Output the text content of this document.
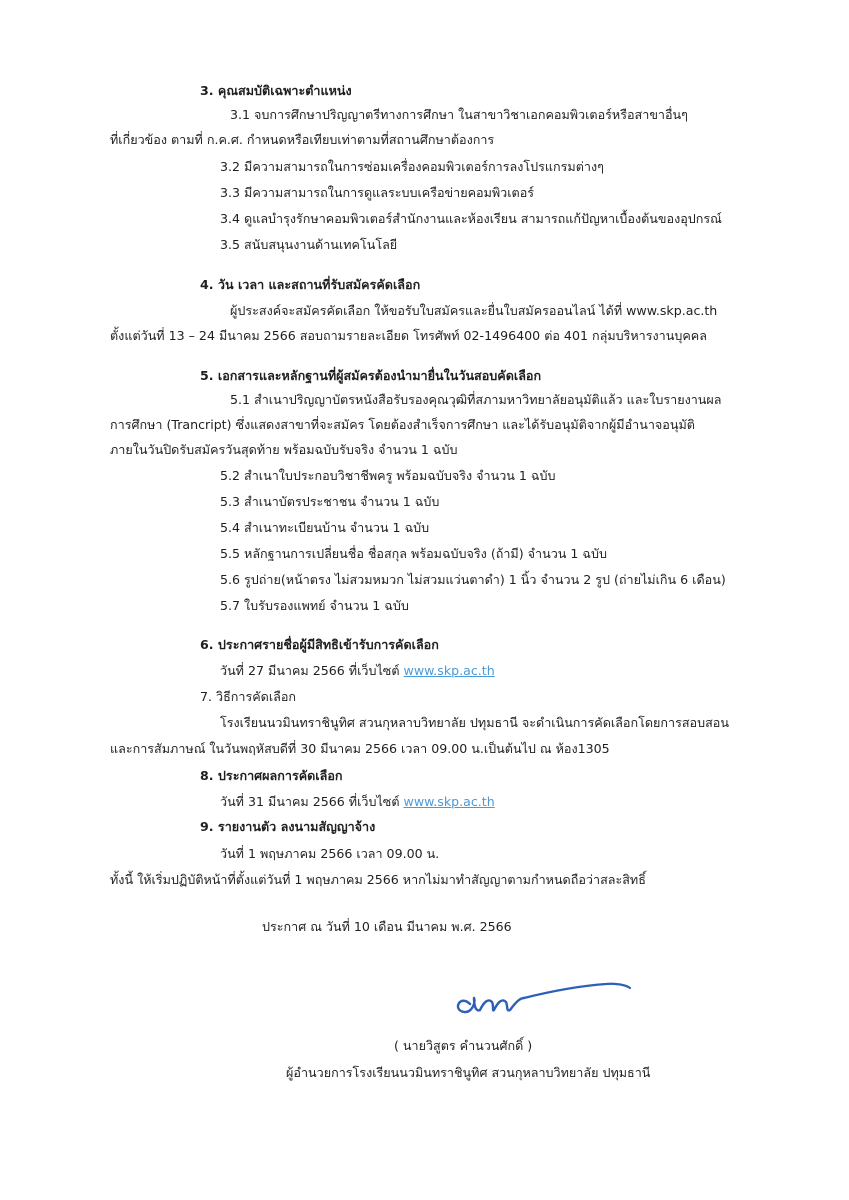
3. คุณสมบัติเฉพาะตำแหน่ง
3.1 จบการศึกษาปริญญาตรีทางการศึกษา ในสาขาวิชาเอกคอมพิวเตอร์หรือสาขาอื่นๆ
ที่เกี่ยวข้อง ตามที่ ก.ค.ศ. กำหนดหรือเทียบเท่าตามที่สถานศึกษาต้องการ
3.2 มีความสามารถในการซ่อมเครื่องคอมพิวเตอร์การลงโปรแกรมต่างๆ
3.3 มีความสามารถในการดูแลระบบเครือข่ายคอมพิวเตอร์
3.4 ดูแลบำรุงรักษาคอมพิวเตอร์สำนักงานและห้องเรียน สามารถแก้ปัญหาเบื้องต้นของอุปกรณ์
3.5 สนับสนุนงานด้านเทคโนโลยี
4. วัน เวลา และสถานที่รับสมัครคัดเลือก
ผู้ประสงค์จะสมัครคัดเลือก ให้ขอรับใบสมัครและยื่นใบสมัครออนไลน์ ได้ที่ www.skp.ac.th
ตั้งแต่วันที่ 13 – 24 มีนาคม 2566 สอบถามรายละเอียด โทรศัพท์ 02-1496400 ต่อ 401 กลุ่มบริหารงานบุคคล
5. เอกสารและหลักฐานที่ผู้สมัครต้องนำมายื่นในวันสอบคัดเลือก
5.1 สำเนาปริญญาบัตรหนังสือรับรองคุณวุฒิที่สภามหาวิทยาลัยอนุมัติแล้ว และใบรายงานผล
การศึกษา (Trancript) ซึ่งแสดงสาขาที่จะสมัคร โดยต้องสำเร็จการศึกษา และได้รับอนุมัติจากผู้มีอำนาจอนุมัติ
ภายในวันปิดรับสมัครวันสุดท้าย พร้อมฉบับรับจริง จำนวน 1 ฉบับ
5.2 สำเนาใบประกอบวิชาชีพครู พร้อมฉบับจริง จำนวน 1 ฉบับ
5.3 สำเนาบัตรประชาชน จำนวน 1 ฉบับ
5.4 สำเนาทะเบียนบ้าน จำนวน 1 ฉบับ
5.5 หลักฐานการเปลี่ยนชื่อ ชื่อสกุล พร้อมฉบับจริง (ถ้ามี) จำนวน 1 ฉบับ
5.6 รูปถ่าย(หน้าตรง ไม่สวมหมวก ไม่สวมแว่นตาดำ) 1 นิ้ว จำนวน 2 รูป (ถ่ายไม่เกิน 6 เดือน)
5.7 ใบรับรองแพทย์ จำนวน 1 ฉบับ
6. ประกาศรายชื่อผู้มีสิทธิเข้ารับการคัดเลือก
วันที่ 27 มีนาคม 2566 ที่เว็บไซต์ www.skp.ac.th
7. วิธีการคัดเลือก
โรงเรียนนวมินทราชินูทิศ สวนกุหลาบวิทยาลัย ปทุมธานี จะดำเนินการคัดเลือกโดยการสอบสอน
และการสัมภาษณ์ ในวันพฤหัสบดีที่ 30 มีนาคม 2566 เวลา 09.00 น.เป็นต้นไป ณ ห้อง1305
8. ประกาศผลการคัดเลือก
วันที่ 31 มีนาคม 2566 ที่เว็บไซต์ www.skp.ac.th
9. รายงานตัว ลงนามสัญญาจ้าง
วันที่ 1 พฤษภาคม 2566 เวลา 09.00 น.
ทั้งนี้ ให้เริ่มปฏิบัติหน้าที่ตั้งแต่วันที่ 1 พฤษภาคม 2566 หากไม่มาทำสัญญาตามกำหนดถือว่าสละสิทธิ์
ประกาศ ณ วันที่ 10 เดือน มีนาคม พ.ศ. 2566
( นายวิสูตร คำนวนศักดิ์ )
ผู้อำนวยการโรงเรียนนวมินทราชินูทิศ สวนกุหลาบวิทยาลัย ปทุมธานี
